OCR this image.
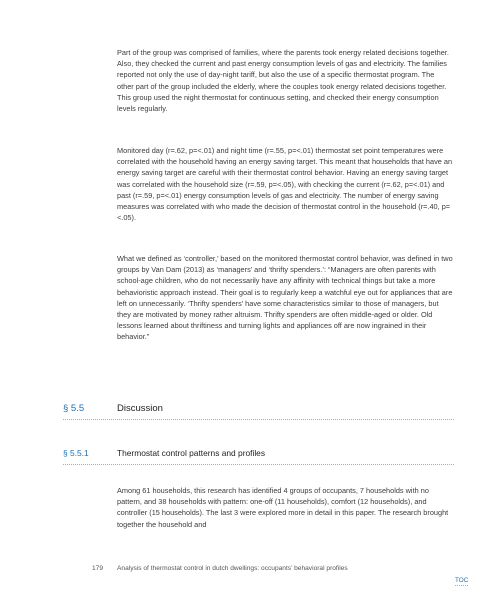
Part of the group was comprised of families, where the parents took energy related decisions together. Also, they checked the current and past energy consumption levels of gas and electricity. The families reported not only the use of day-night tariff, but also the use of a specific thermostat program. The other part of the group included the elderly, where the couples took energy related decisions together. This group used the night thermostat for continuous setting, and checked their energy consumption levels regularly.

Monitored day (r=.62, p=<.01) and night time (r=.55, p=<.01) thermostat set point temperatures were correlated with the household having an energy saving target. This meant that households that have an energy saving target are careful with their thermostat control behavior. Having an energy saving target was correlated with the household size (r=.59, p=<.05), with checking the current (r=.62, p=<.01) and past (r=.59, p=<.01) energy consumption levels of gas and electricity. The number of energy saving measures was correlated with who made the decision of thermostat control in the household (r=.40, p=<.05).

What we defined as ‘controller,’ based on the monitored thermostat control behavior, was defined in two groups by Van Dam (2013) as ‘managers’ and ‘thrifty spenders.’: “Managers are often parents with school-age children, who do not necessarily have any affinity with technical things but take a more behavioristic approach instead. Their goal is to regularly keep a watchful eye out for appliances that are left on unnecessarily. ‘Thrifty spenders’ have some characteristics similar to those of managers, but they are motivated by money rather altruism. Thrifty spenders are often middle-aged or older. Old lessons learned about thriftiness and turning lights and appliances off are now ingrained in their behavior.”

§ 5.5	Discussion
§ 5.5.1	Thermostat control patterns and profiles

Among 61 households, this research has identified 4 groups of occupants, 7 households with no pattern, and 38 households with pattern: one-off (11 households), comfort (12 households), and controller (15 households). The last 3 were explored more in detail in this paper. The research brought together the household and

179 Analysis of thermostat control in dutch dwellings: occupants’ behavioral profiles
TOC
